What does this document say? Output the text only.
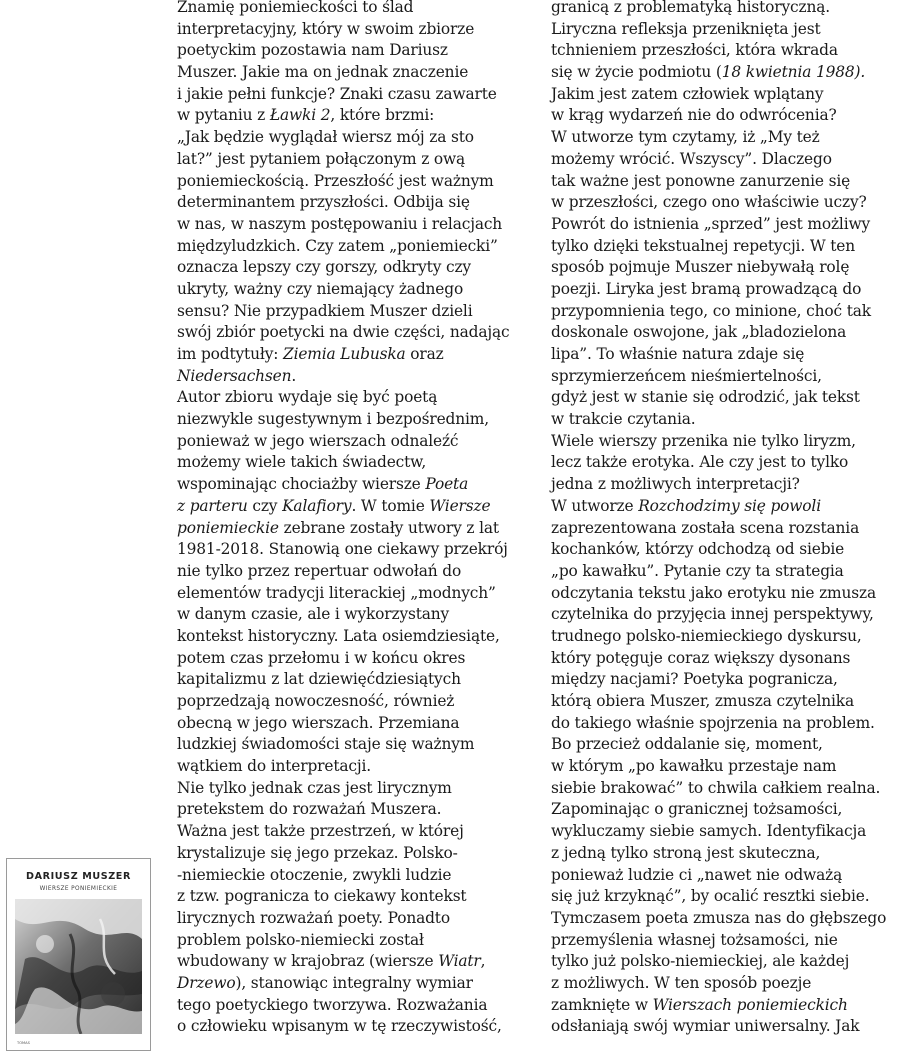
DARIUSZ MUSZER
WIERSZE PONIEMIECKIE
TOMAS
Znamię poniemieckości to ślad
interpretacyjny, który w swoim zbiorze
poetyckim pozostawia nam Dariusz
Muszer. Jakie ma on jednak znaczenie
i jakie pełni funkcje? Znaki czasu zawarte
w pytaniu z Ławki 2, które brzmi:
„Jak będzie wyglądał wiersz mój za sto
lat?” jest pytaniem połączonym z ową
poniemieckością. Przeszłość jest ważnym
determinantem przyszłości. Odbija się
w nas, w naszym postępowaniu i relacjach
międzyludzkich. Czy zatem „poniemiecki”
oznacza lepszy czy gorszy, odkryty czy
ukryty, ważny czy niemający żadnego
sensu? Nie przypadkiem Muszer dzieli
swój zbiór poetycki na dwie części, nadając
im podtytuły: Ziemia Lubuska oraz
Niedersachsen.
Autor zbioru wydaje się być poetą
niezwykle sugestywnym i bezpośrednim,
ponieważ w jego wierszach odnaleźć
możemy wiele takich świadectw,
wspominając chociażby wiersze Poeta
z parteru czy Kalafiory. W tomie Wiersze
poniemieckie zebrane zostały utwory z lat
1981-2018. Stanowią one ciekawy przekrój
nie tylko przez repertuar odwołań do
elementów tradycji literackiej „modnych”
w danym czasie, ale i wykorzystany
kontekst historyczny. Lata osiemdziesiąte,
potem czas przełomu i w końcu okres
kapitalizmu z lat dziewięćdziesiątych
poprzedzają nowoczesność, również
obecną w jego wierszach. Przemiana
ludzkiej świadomości staje się ważnym
wątkiem do interpretacji.
Nie tylko jednak czas jest lirycznym
pretekstem do rozważań Muszera.
Ważna jest także przestrzeń, w której
krystalizuje się jego przekaz. Polsko-
-niemieckie otoczenie, zwykli ludzie
z tzw. pogranicza to ciekawy kontekst
lirycznych rozważań poety. Ponadto
problem polsko-niemiecki został
wbudowany w krajobraz (wiersze Wiatr,
Drzewo), stanowiąc integralny wymiar
tego poetyckiego tworzywa. Rozważania
o człowieku wpisanym w tę rzeczywistość,
granicą z problematyką historyczną.
Liryczna refleksja przeniknięta jest
tchnieniem przeszłości, która wkrada
się w życie podmiotu (18 kwietnia 1988).
Jakim jest zatem człowiek wplątany
w krąg wydarzeń nie do odwrócenia?
W utworze tym czytamy, iż „My też
możemy wrócić. Wszyscy”. Dlaczego
tak ważne jest ponowne zanurzenie się
w przeszłości, czego ono właściwie uczy?
Powrót do istnienia „sprzed” jest możliwy
tylko dzięki tekstualnej repetycji. W ten
sposób pojmuje Muszer niebywałą rolę
poezji. Liryka jest bramą prowadzącą do
przypomnienia tego, co minione, choć tak
doskonale oswojone, jak „bladozielona
lipa”. To właśnie natura zdaje się
sprzymierzeńcem nieśmiertelności,
gdyż jest w stanie się odrodzić, jak tekst
w trakcie czytania.
Wiele wierszy przenika nie tylko liryzm,
lecz także erotyka. Ale czy jest to tylko
jedna z możliwych interpretacji?
W utworze Rozchodzimy się powoli
zaprezentowana została scena rozstania
kochanków, którzy odchodzą od siebie
„po kawałku”. Pytanie czy ta strategia
odczytania tekstu jako erotyku nie zmusza
czytelnika do przyjęcia innej perspektywy,
trudnego polsko-niemieckiego dyskursu,
który potęguje coraz większy dysonans
między nacjami? Poetyka pogranicza,
którą obiera Muszer, zmusza czytelnika
do takiego właśnie spojrzenia na problem.
Bo przecież oddalanie się, moment,
w którym „po kawałku przestaje nam
siebie brakować” to chwila całkiem realna.
Zapominając o granicznej tożsamości,
wykluczamy siebie samych. Identyfikacja
z jedną tylko stroną jest skuteczna,
ponieważ ludzie ci „nawet nie odważą
się już krzyknąć”, by ocalić resztki siebie.
Tymczasem poeta zmusza nas do głębszego
przemyślenia własnej tożsamości, nie
tylko już polsko-niemieckiej, ale każdej
z możliwych. W ten sposób poezje
zamknięte w Wierszach poniemieckich
odsłaniają swój wymiar uniwersalny. Jak
